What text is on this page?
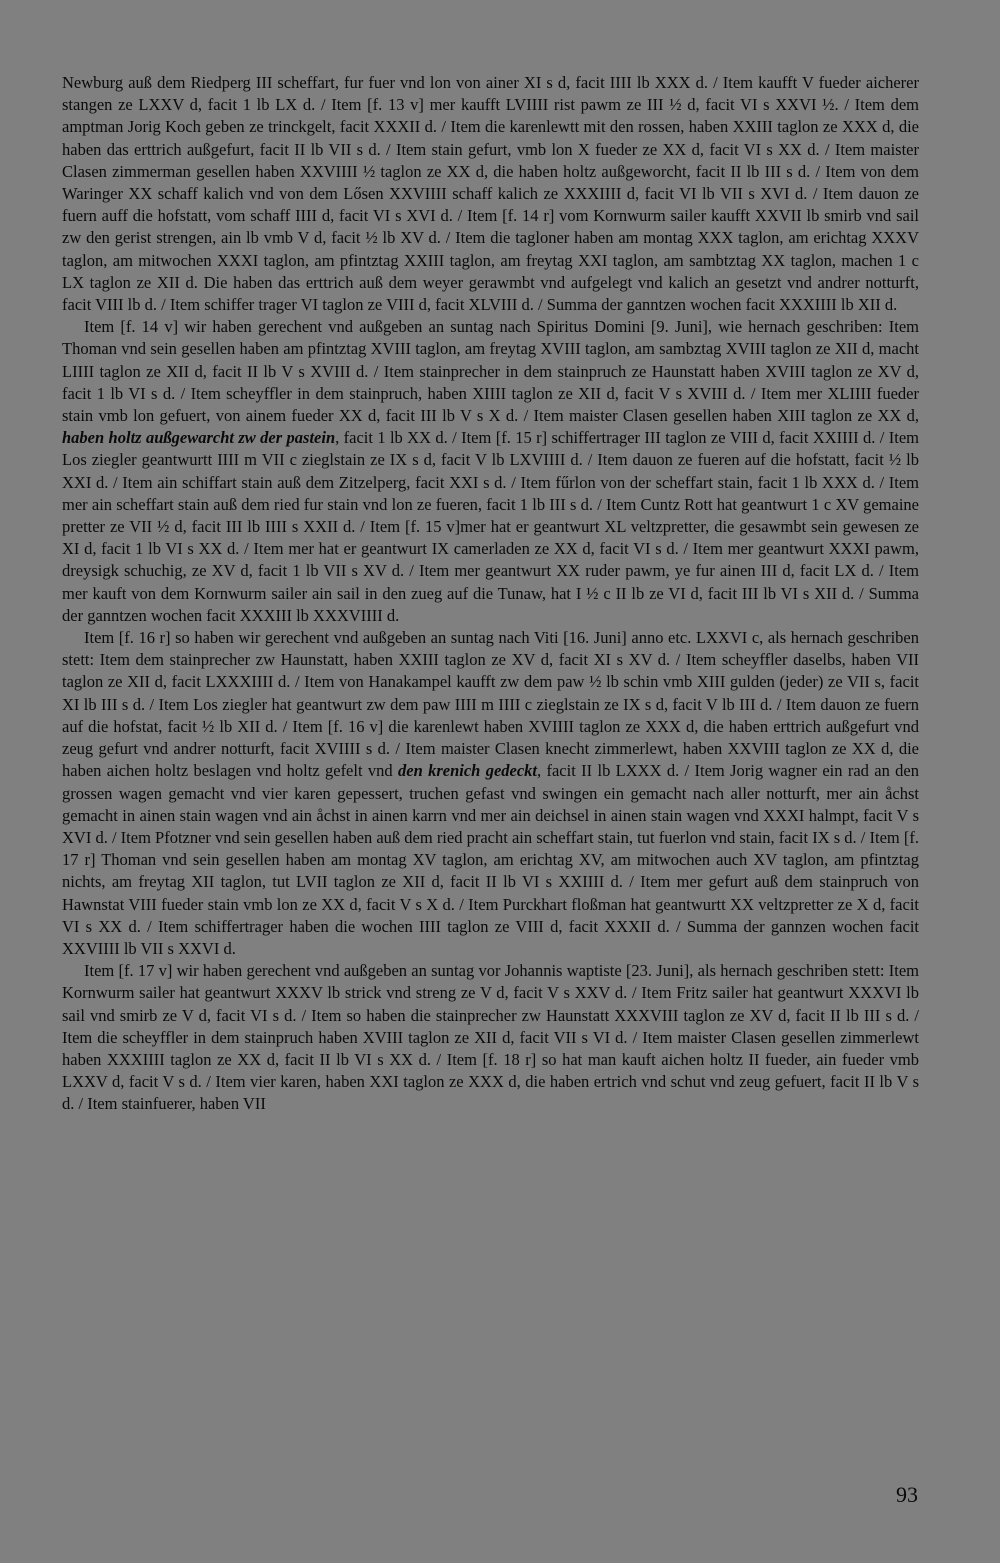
Newburg auß dem Riedperg III scheffart, fur fuer vnd lon von ainer XI s d, facit IIII lb XXX d. / Item kaufft V fueder aicherer stangen ze LXXV d, facit 1 lb LX d. / Item [f. 13 v] mer kaufft LVIIII rist pawm ze III ½ d, facit VI s XXVI ½. / Item dem amptman Jorig Koch geben ze trinckgelt, facit XXXII d. / Item die karenlewtt mit den rossen, haben XXIII taglon ze XXX d, die haben das erttrich außgefurt, facit II lb VII s d. / Item stain gefurt, vmb lon X fueder ze XX d, facit VI s XX d. / Item maister Clasen zimmerman gesellen haben XXVIIII ½ taglon ze XX d, die haben holtz außgeworcht, facit II lb III s d. / Item von dem Waringer XX schaff kalich vnd von dem Lősen XXVIIII schaff kalich ze XXXIIII d, facit VI lb VII s XVI d. / Item dauon ze fuern auff die hofstatt, vom schaff IIII d, facit VI s XVI d. / Item [f. 14 r] vom Kornwurm sailer kaufft XXVII lb smirb vnd sail zw den gerist strengen, ain lb vmb V d, facit ½ lb XV d. / Item die tagloner haben am montag XXX taglon, am erichtag XXXV taglon, am mitwochen XXXI taglon, am pfintztag XXIII taglon, am freytag XXI taglon, am sambtztag XX taglon, machen 1 c LX taglon ze XII d. Die haben das erttrich auß dem weyer gerawmbt vnd aufgelegt vnd kalich an gesetzt vnd andrer notturft, facit VIII lb d. / Item schiffer trager VI taglon ze VIII d, facit XLVIII d. / Summa der ganntzen wochen facit XXXIIII lb XII d.

Item [f. 14 v] wir haben gerechent vnd außgeben an suntag nach Spiritus Domini [9. Juni], wie hernach geschriben: Item Thoman vnd sein gesellen haben am pfintztag XVIII taglon, am freytag XVIII taglon, am sambztag XVIII taglon ze XII d, macht LIIII taglon ze XII d, facit II lb V s XVIII d. / Item stainprecher in dem stainpruch ze Haunstatt haben XVIII taglon ze XV d, facit 1 lb VI s d. / Item scheyffler in dem stainpruch, haben XIIII taglon ze XII d, facit V s XVIII d. / Item mer XLIIII fueder stain vmb lon gefuert, von ainem fueder XX d, facit III lb V s X d. / Item maister Clasen gesellen haben XIII taglon ze XX d, haben holtz außgewarcht zw der pastein, facit 1 lb XX d. / Item [f. 15 r] schiffertrager III taglon ze VIII d, facit XXIIII d. / Item Los ziegler geantwurtt IIII m VII c zieglstain ze IX s d, facit V lb LXVIIII d. / Item dauon ze fueren auf die hofstatt, facit ½ lb XXI d. / Item ain schiffart stain auß dem Zitzelperg, facit XXI s d. / Item fűrlon von der scheffart stain, facit 1 lb XXX d. / Item mer ain scheffart stain auß dem ried fur stain vnd lon ze fueren, facit 1 lb III s d. / Item Cuntz Rott hat geantwurt 1 c XV gemaine pretter ze VII ½ d, facit III lb IIII s XXII d. / Item [f. 15 v]mer hat er geantwurt XL veltzpretter, die gesawmbt sein gewesen ze XI d, facit 1 lb VI s XX d. / Item mer hat er geantwurt IX camerladen ze XX d, facit VI s d. / Item mer geantwurt XXXI pawm, dreysigk schuchig, ze XV d, facit 1 lb VII s XV d. / Item mer geantwurt XX ruder pawm, ye fur ainen III d, facit LX d. / Item mer kauft von dem Kornwurm sailer ain sail in den zueg auf die Tunaw, hat I ½ c II lb ze VI d, facit III lb VI s XII d. / Summa der ganntzen wochen facit XXXIII lb XXXVIIII d.

Item [f. 16 r] so haben wir gerechent vnd außgeben an suntag nach Viti [16. Juni] anno etc. LXXVI c, als hernach geschriben stett: Item dem stainprecher zw Haunstatt, haben XXIII taglon ze XV d, facit XI s XV d. / Item scheyffler daselbs, haben VII taglon ze XII d, facit LXXXIIII d. / Item von Hanakampel kaufft zw dem paw ½ lb schin vmb XIII gulden (jeder) ze VII s, facit XI lb III s d. / Item Los ziegler hat geantwurt zw dem paw IIII m IIII c zieglstain ze IX s d, facit V lb III d. / Item dauon ze fuern auf die hofstat, facit ½ lb XII d. / Item [f. 16 v] die karenlewt haben XVIIII taglon ze XXX d, die haben erttrich außgefurt vnd zeug gefurt vnd andrer notturft, facit XVIIII s d. / Item maister Clasen knecht zimmerlewt, haben XXVIII taglon ze XX d, die haben aichen holtz beslagen vnd holtz gefelt vnd den krenich gedeckt, facit II lb LXXX d. / Item Jorig wagner ein rad an den grossen wagen gemacht vnd vier karen gepessert, truchen gefast vnd swingen ein gemacht nach aller notturft, mer ain åchst gemacht in ainen stain wagen vnd ain åchst in ainen karrn vnd mer ain deichsel in ainen stain wagen vnd XXXI halmpt, facit V s XVI d. / Item Pfotzner vnd sein gesellen haben auß dem ried pracht ain scheffart stain, tut fuerlon vnd stain, facit IX s d. / Item [f. 17 r] Thoman vnd sein gesellen haben am montag XV taglon, am erichtag XV, am mitwochen auch XV taglon, am pfintztag nichts, am freytag XII taglon, tut LVII taglon ze XII d, facit II lb VI s XXIIII d. / Item mer gefurt auß dem stainpruch von Hawnstat VIII fueder stain vmb lon ze XX d, facit V s X d. / Item Purckhart floßman hat geantwurtt XX veltzpretter ze X d, facit VI s XX d. / Item schiffertrager haben die wochen IIII taglon ze VIII d, facit XXXII d. / Summa der gannzen wochen facit XXVIIII lb VII s XXVI d.

Item [f. 17 v] wir haben gerechent vnd außgeben an suntag vor Johannis waptiste [23. Juni], als hernach geschriben stett: Item Kornwurm sailer hat geantwurt XXXV lb strick vnd streng ze V d, facit V s XXV d. / Item Fritz sailer hat geantwurt XXXVI lb sail vnd smirb ze V d, facit VI s d. / Item so haben die stainprecher zw Haunstatt XXXVIII taglon ze XV d, facit II lb III s d. / Item die scheyffler in dem stainpruch haben XVIII taglon ze XII d, facit VII s VI d. / Item maister Clasen gesellen zimmerlewt haben XXXIIII taglon ze XX d, facit II lb VI s XX d. / Item [f. 18 r] so hat man kauft aichen holtz II fueder, ain fueder vmb LXXV d, facit V s d. / Item vier karen, haben XXI taglon ze XXX d, die haben ertrich vnd schut vnd zeug gefuert, facit II lb V s d. / Item stainfuerer, haben VII

93
